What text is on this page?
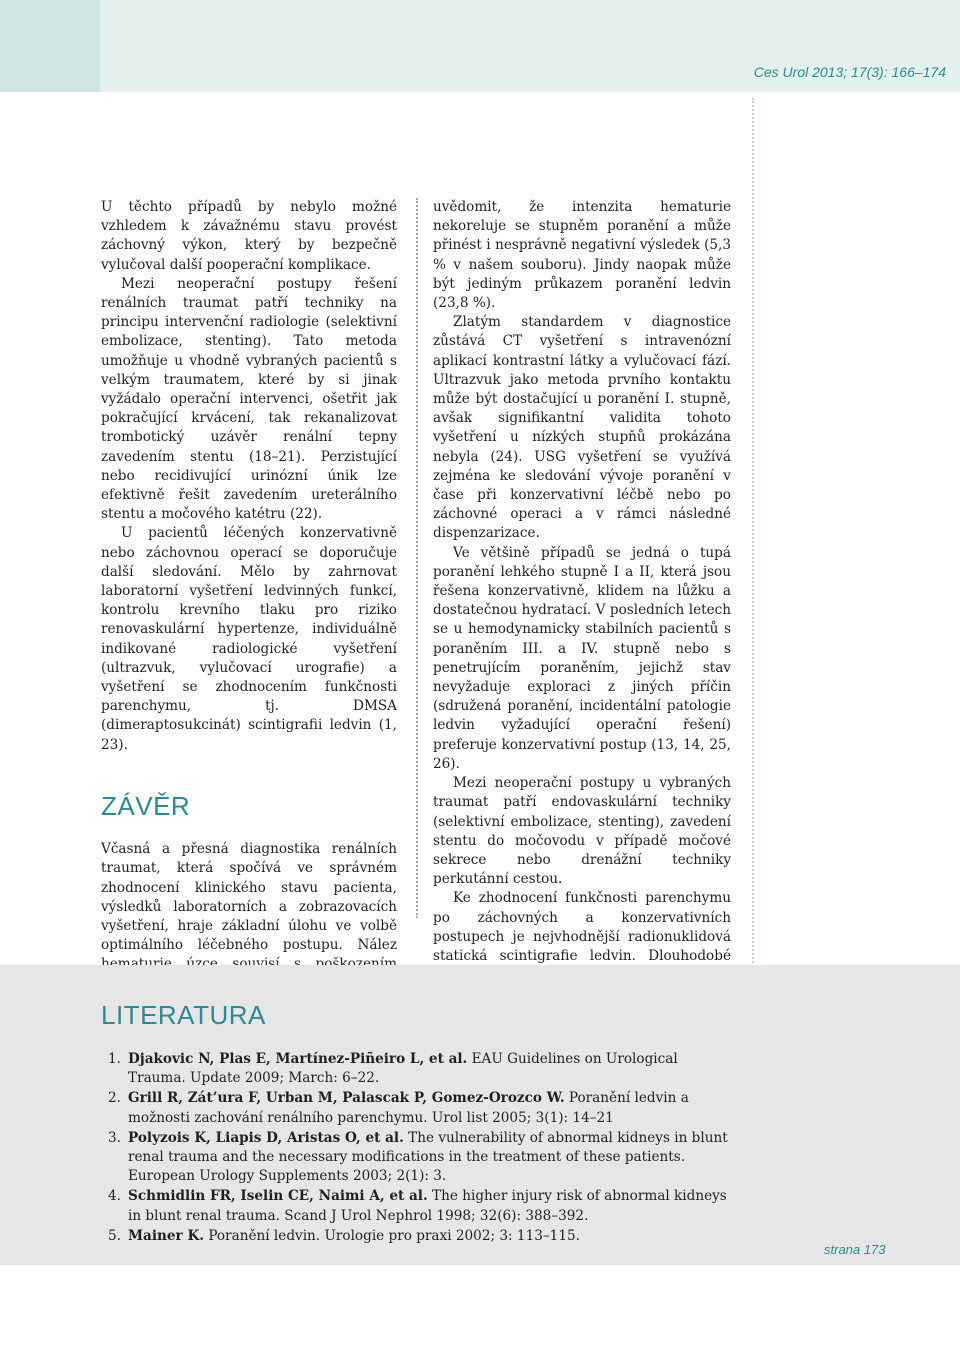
Ces Urol 2013; 17(3): 166–174

U těchto případů by nebylo možné vzhledem k závažnému stavu provést záchovný výkon, který by bezpečně vylučoval další pooperační komplikace.

Mezi neoperační postupy řešení renálních traumat patří techniky na principu intervenční radiologie (selektivní embolizace, stenting). Tato metoda umožňuje u vhodně vybraných pacientů s velkým traumatem, které by si jinak vyžádalo operační intervenci, ošetřit jak pokračující krvácení, tak rekanalizovat trombotický uzávěr renální tepny zavedením stentu (18–21). Perzistující nebo recidivující urinózní únik lze efektivně řešit zavedením ureterálního stentu a močového katétru (22).

U pacientů léčených konzervativně nebo záchovnou operací se doporučuje další sledování. Mělo by zahrnovat laboratorní vyšetření ledvinných funkcí, kontrolu krevního tlaku pro riziko renovaskulární hypertenze, individuálně indikované radiologické vyšetření (ultrazvuk, vylučovací urografie) a vyšetření se zhodnocením funkčnosti parenchymu, tj. DMSA (dimeraptosukcinát) scintigrafii ledvin (1, 23).

ZÁVĚR

Včasná a přesná diagnostika renálních traumat, která spočívá ve správném zhodnocení klinického stavu pacienta, výsledků laboratorních a zobrazovacích vyšetření, hraje základní úlohu ve volbě optimálního léčebného postupu. Nález

uvědomit, že intenzita hematurie nekoreluje se stupněm poranění a může přinést i nesprávně negativní výsledek (5,3 % v našem souboru). Jindy naopak může být jediným průkazem poranění ledvin (23,8 %).

Zlatým standardem v diagnostice zůstává CT vyšetření s intravenózní aplikací kontrastní látky a vylučovací fází. Ultrazvuk jako metoda prvního kontaktu může být dostačující u poranění I. stupně, avšak signifikantní validita tohoto vyšetření u nízkých stupňů prokázána nebyla (24). USG vyšetření se využívá zejména ke sledování vývoje poranění v čase při konzervativní léčbě nebo po záchovné operaci a v rámci následné dispenzarizace.

Ve většině případů se jedná o tupá poranění lehkého stupně I a II, která jsou řešena konzervativně, klidem na lůžku a dostatečnou hydratací. V posledních letech se u hemodynamicky stabilních pacientů s poraněním III. a IV. stupně nebo s penetrujícím poraněním, jejichž stav nevyžaduje exploraci z jiných příčin (sdružená poranění, incidentální patologie ledvin vyžadující operační řešení) preferuje konzervativní postup (13, 14, 25, 26).

Mezi neoperační postupy u vybraných traumat patří endovaskulární techniky (selektivní embolizace, stenting), zavedení stentu do močovodu v případě močové sekrece nebo drenážní techniky perkutánní cestou.

Ke zhodnocení funkčnosti parenchymu po záchovných a konzervativních postupech je nejvhodnější radionuklidová statická scintigrafie ledvin. Dlouhodobé

LITERATURA
1. Djakovic N, Plas E, Martínez-Piñeiro L, et al. EAU Guidelines on Urological Trauma. Update 2009; March: 6–22.
2. Grill R, Zát’ura F, Urban M, Palascak P, Gomez-Orozco W. Poranění ledvin a možnosti zachování renálního parenchymu. Urol list 2005; 3(1): 14–21
3. Polyzois K, Liapis D, Aristas O, et al. The vulnerability of abnormal kidneys in blunt renal trauma and the necessary modifications in the treatment of these patients. European Urology Supplements 2003; 2(1): 3.
4. Schmidlin FR, Iselin CE, Naimi A, et al. The higher injury risk of abnormal kidneys in blunt renal trauma. Scand J Urol Nephrol 1998; 32(6): 388–392.
5. Mainer K. Poranění ledvin. Urologie pro praxi 2002; 3: 113–115.
strana 173
